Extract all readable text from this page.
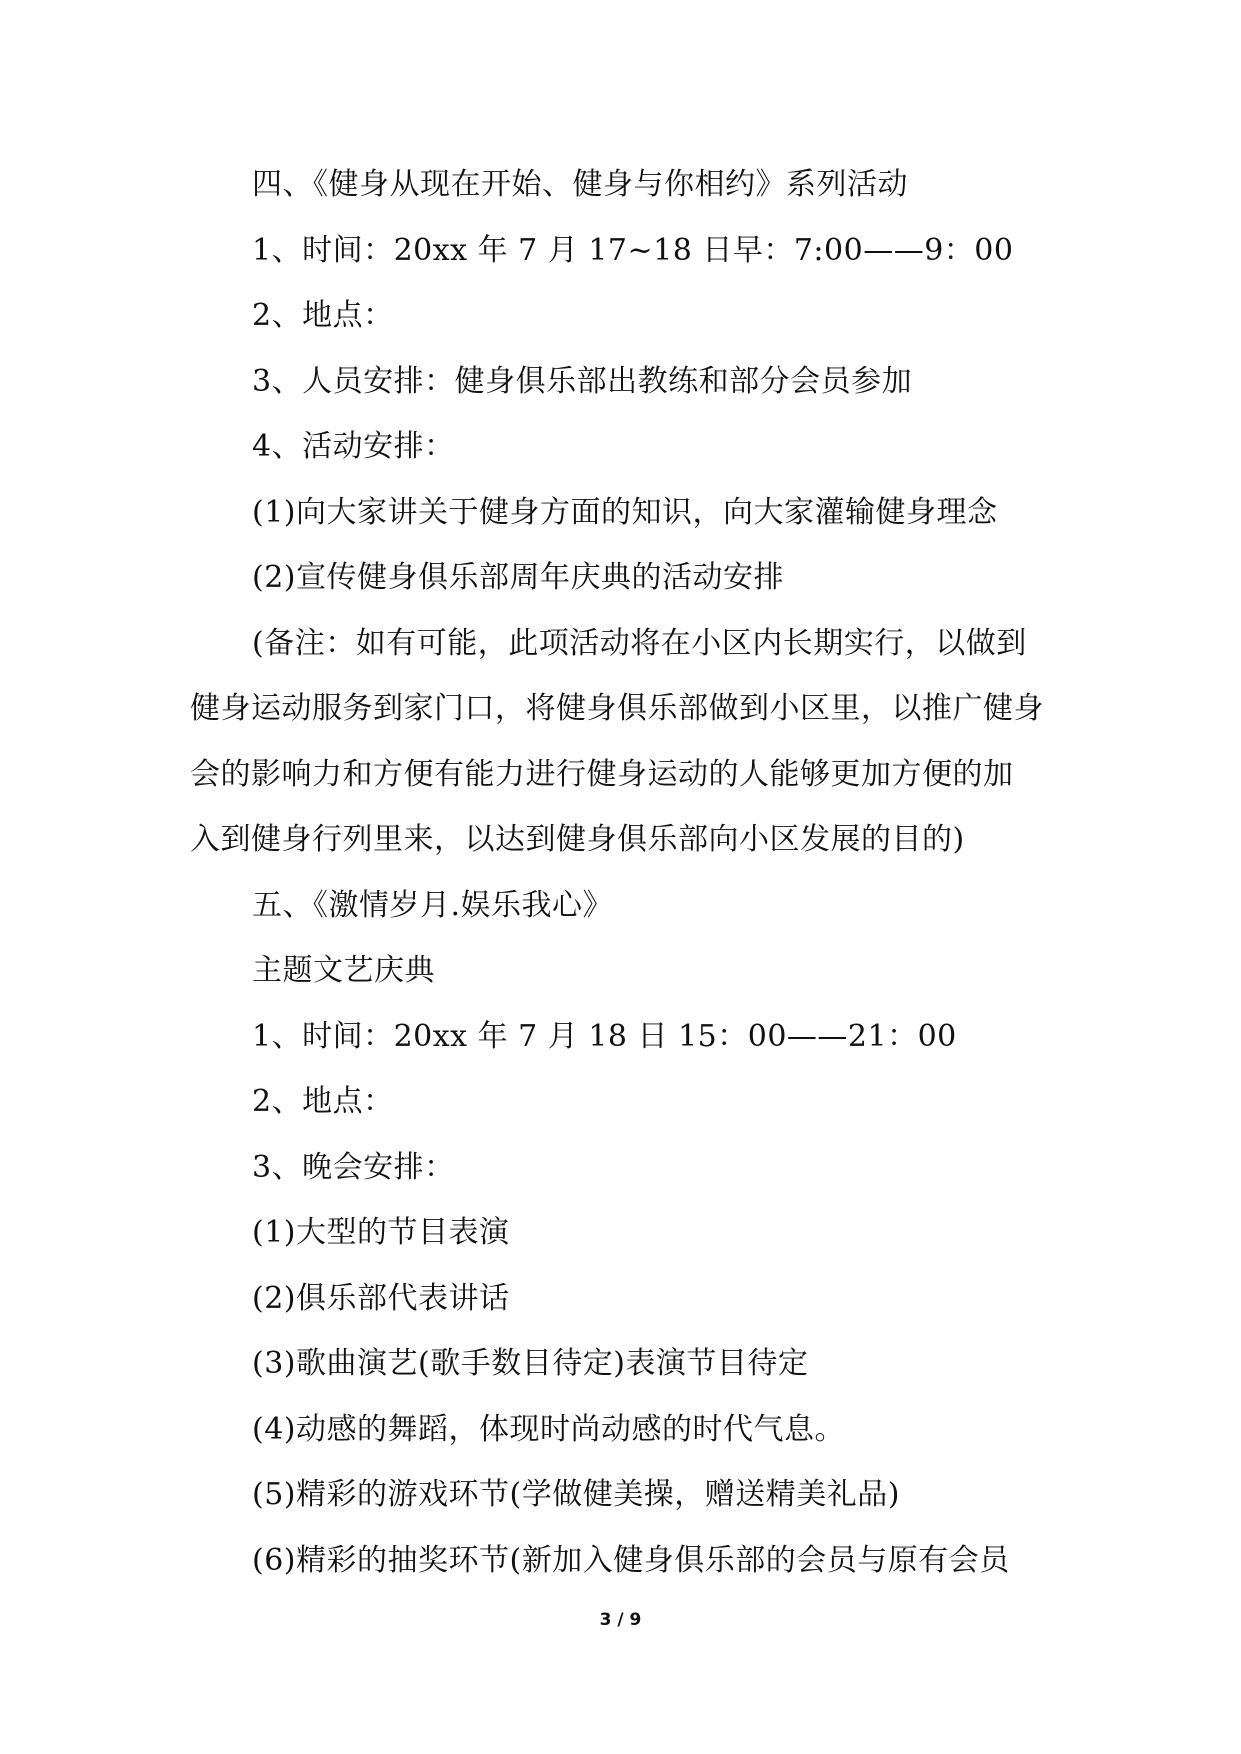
四、《健身从现在开始、健身与你相约》系列活动
1、时间：20xx 年 7 月 17~18 日早：7:00——9：00
2、地点：
3、人员安排：健身俱乐部出教练和部分会员参加
4、活动安排：
(1)向大家讲关于健身方面的知识，向大家灌输健身理念
(2)宣传健身俱乐部周年庆典的活动安排
(备注：如有可能，此项活动将在小区内长期实行，以做到
健身运动服务到家门口，将健身俱乐部做到小区里，以推广健身
会的影响力和方便有能力进行健身运动的人能够更加方便的加
入到健身行列里来，以达到健身俱乐部向小区发展的目的)
五、《激情岁月.娱乐我心》
主题文艺庆典
1、时间：20xx 年 7 月 18 日 15：00——21：00
2、地点：
3、晚会安排：
(1)大型的节目表演
(2)俱乐部代表讲话
(3)歌曲演艺(歌手数目待定)表演节目待定
(4)动感的舞蹈，体现时尚动感的时代气息。
(5)精彩的游戏环节(学做健美操，赠送精美礼品)
(6)精彩的抽奖环节(新加入健身俱乐部的会员与原有会员
3 / 9
